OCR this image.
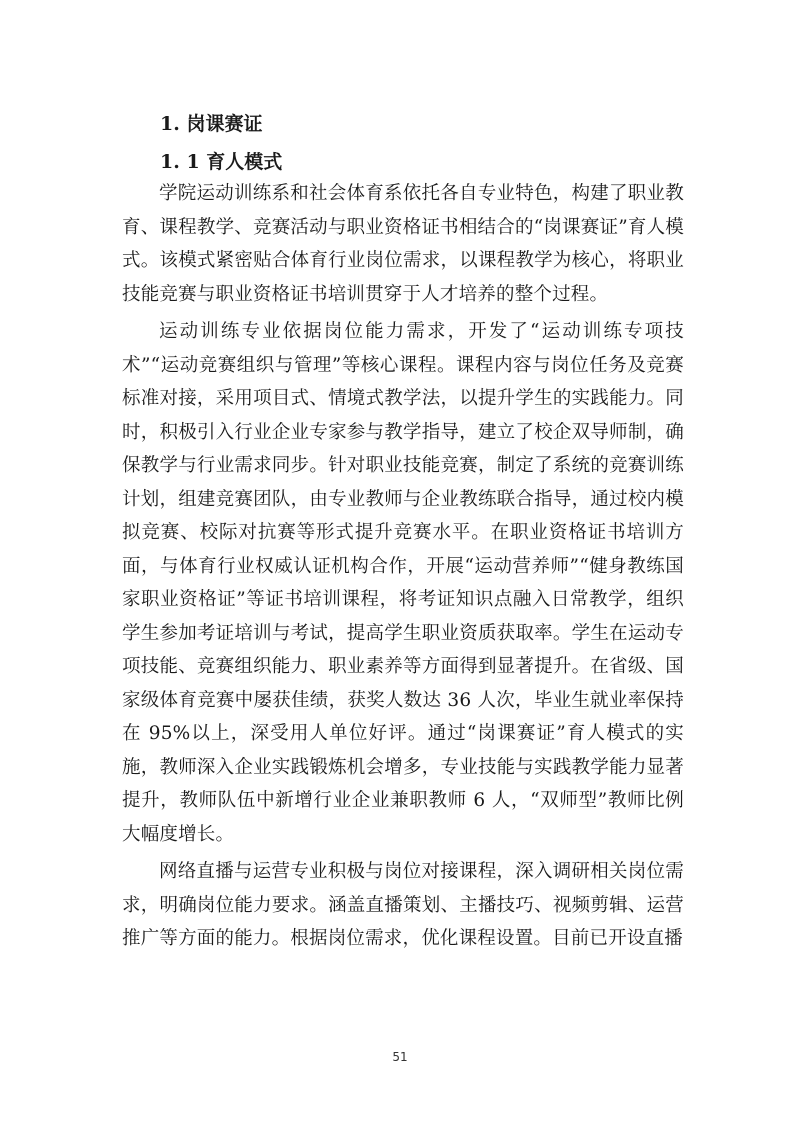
1. 岗课赛证
1. 1 育人模式

学院运动训练系和社会体育系依托各自专业特色，构建了职业教育、课程教学、竞赛活动与职业资格证书相结合的“岗课赛证”育人模式。该模式紧密贴合体育行业岗位需求，以课程教学为核心，将职业技能竞赛与职业资格证书培训贯穿于人才培养的整个过程。

运动训练专业依据岗位能力需求，开发了“运动训练专项技术”“运动竞赛组织与管理”等核心课程。课程内容与岗位任务及竞赛标准对接，采用项目式、情境式教学法，以提升学生的实践能力。同时，积极引入行业企业专家参与教学指导，建立了校企双导师制，确保教学与行业需求同步。针对职业技能竞赛，制定了系统的竞赛训练计划，组建竞赛团队，由专业教师与企业教练联合指导，通过校内模拟竞赛、校际对抗赛等形式提升竞赛水平。在职业资格证书培训方面，与体育行业权威认证机构合作，开展“运动营养师”“健身教练国家职业资格证”等证书培训课程，将考证知识点融入日常教学，组织学生参加考证培训与考试，提高学生职业资质获取率。学生在运动专项技能、竞赛组织能力、职业素养等方面得到显著提升。在省级、国家级体育竞赛中屡获佳绩，获奖人数达 36 人次，毕业生就业率保持在 95%以上，深受用人单位好评。通过“岗课赛证”育人模式的实施，教师深入企业实践锻炼机会增多，专业技能与实践教学能力显著提升，教师队伍中新增行业企业兼职教师 6 人，“双师型”教师比例大幅度增长。

网络直播与运营专业积极与岗位对接课程，深入调研相关岗位需求，明确岗位能力要求。涵盖直播策划、主播技巧、视频剪辑、运营推广等方面的能力。根据岗位需求，优化课程设置。目前已开设直播

51
